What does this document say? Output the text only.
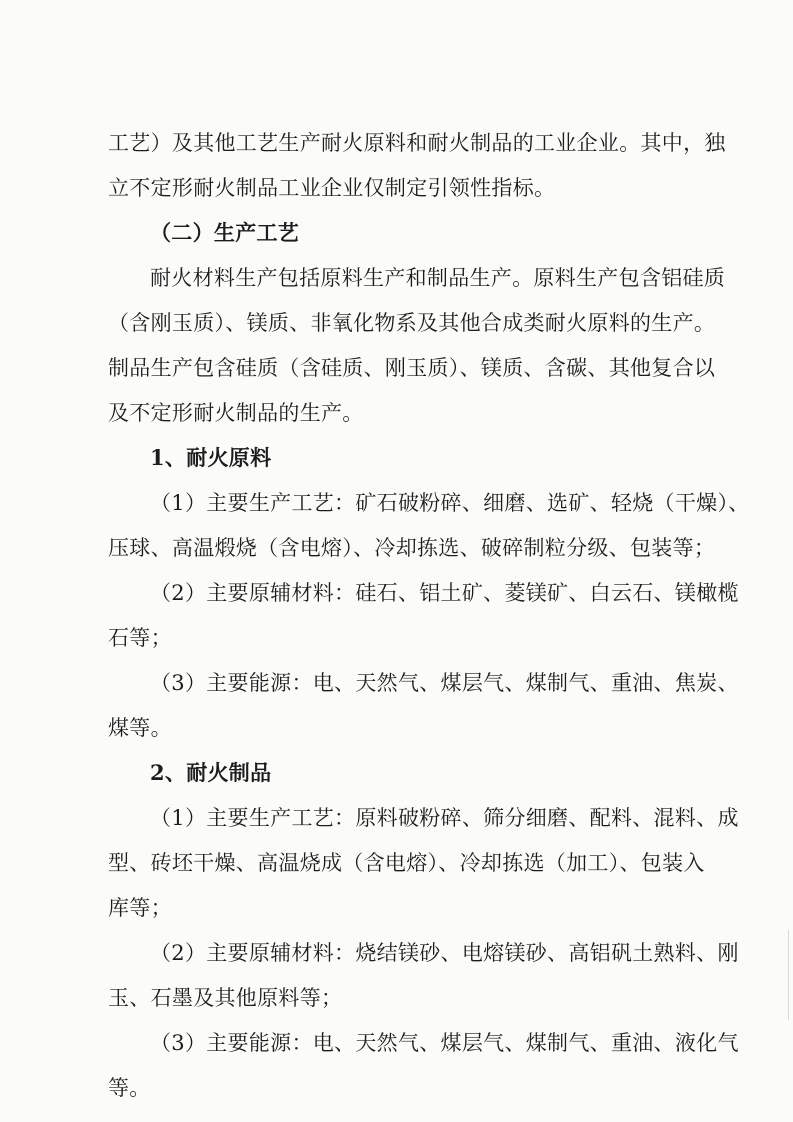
工艺）及其他工艺生产耐火原料和耐火制品的工业企业。其中，独
立不定形耐火制品工业企业仅制定引领性指标。
（二）生产工艺
耐火材料生产包括原料生产和制品生产。原料生产包含铝硅质
（含刚玉质）、镁质、非氧化物系及其他合成类耐火原料的生产。
制品生产包含硅质（含硅质、刚玉质）、镁质、含碳、其他复合以
及不定形耐火制品的生产。
1、耐火原料
（1）主要生产工艺：矿石破粉碎、细磨、选矿、轻烧（干燥）、
压球、高温煅烧（含电熔）、冷却拣选、破碎制粒分级、包装等；
（2）主要原辅材料：硅石、铝土矿、菱镁矿、白云石、镁橄榄
石等；
（3）主要能源：电、天然气、煤层气、煤制气、重油、焦炭、
煤等。
2、耐火制品
（1）主要生产工艺：原料破粉碎、筛分细磨、配料、混料、成
型、砖坯干燥、高温烧成（含电熔）、冷却拣选（加工）、包装入
库等；
（2）主要原辅材料：烧结镁砂、电熔镁砂、高铝矾土熟料、刚
玉、石墨及其他原料等；
（3）主要能源：电、天然气、煤层气、煤制气、重油、液化气
等。
